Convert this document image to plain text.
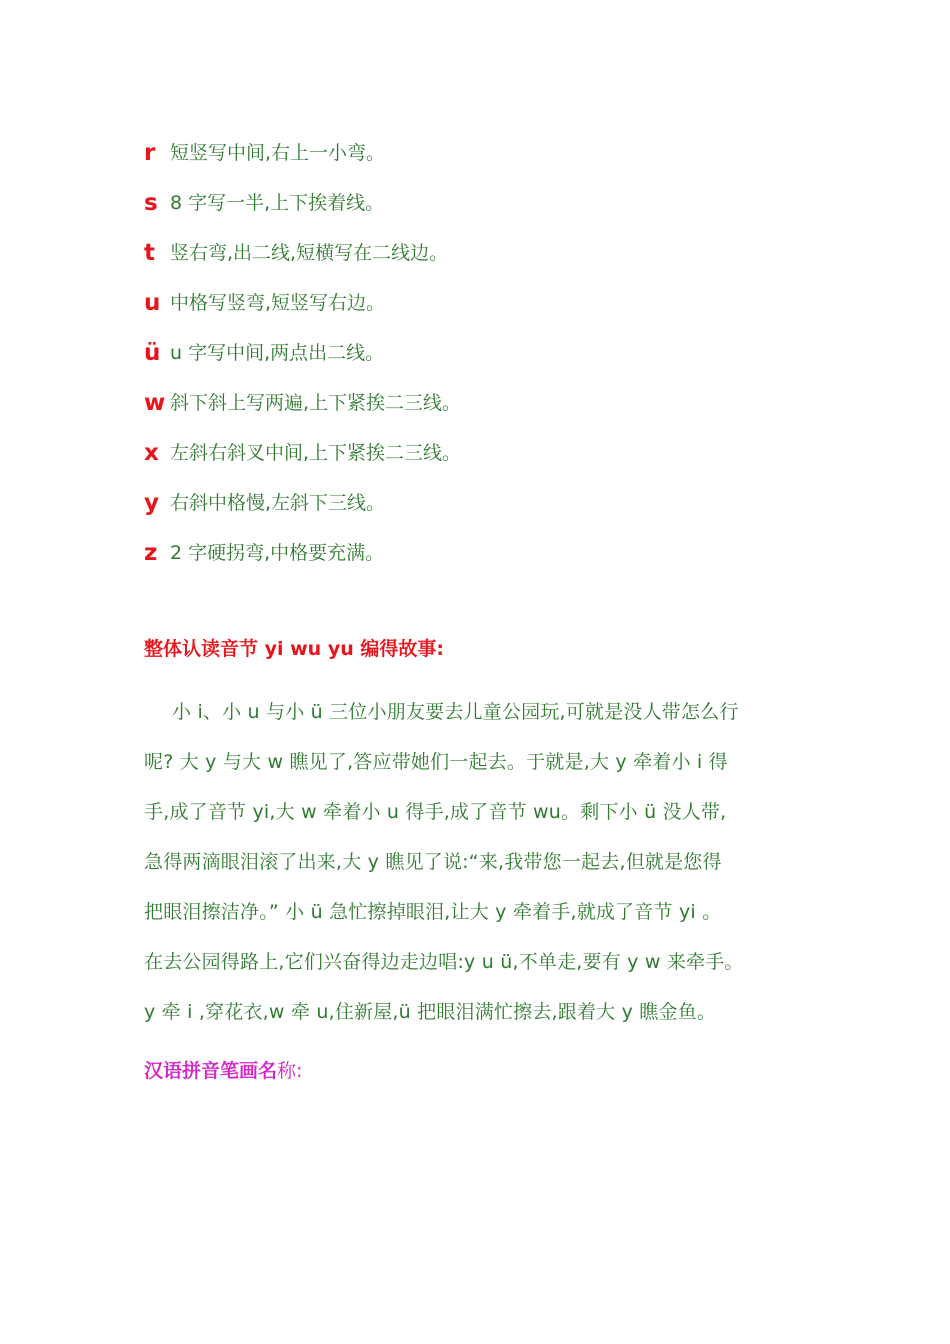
r 短竖写中间,右上一小弯。
s 8 字写一半,上下挨着线。
t 竖右弯,出二线,短横写在二线边。
u 中格写竖弯,短竖写右边。
ü u 字写中间,两点出二线。
w 斜下斜上写两遍,上下紧挨二三线。
x 左斜右斜叉中间,上下紧挨二三线。
y 右斜中格慢,左斜下三线。
z 2 字硬拐弯,中格要充满。
整体认读音节 yi wu yu 编得故事:
小 i、小 u 与小 ü 三位小朋友要去儿童公园玩,可就是没人带怎么行
呢? 大 y 与大 w 瞧见了,答应带她们一起去。于就是,大 y 牵着小 i 得
手,成了音节 yi,大 w 牵着小 u 得手,成了音节 wu。剩下小 ü 没人带,
急得两滴眼泪滚了出来,大 y 瞧见了说:“来,我带您一起去,但就是您得
把眼泪擦洁净。” 小 ü 急忙擦掉眼泪,让大 y 牵着手,就成了音节 yi 。
在去公园得路上,它们兴奋得边走边唱:y u ü,不单走,要有 y w 来牵手。
y 牵 i ,穿花衣,w 牵 u,住新屋,ü 把眼泪满忙擦去,跟着大 y 瞧金鱼。
汉语拼音笔画名称:
